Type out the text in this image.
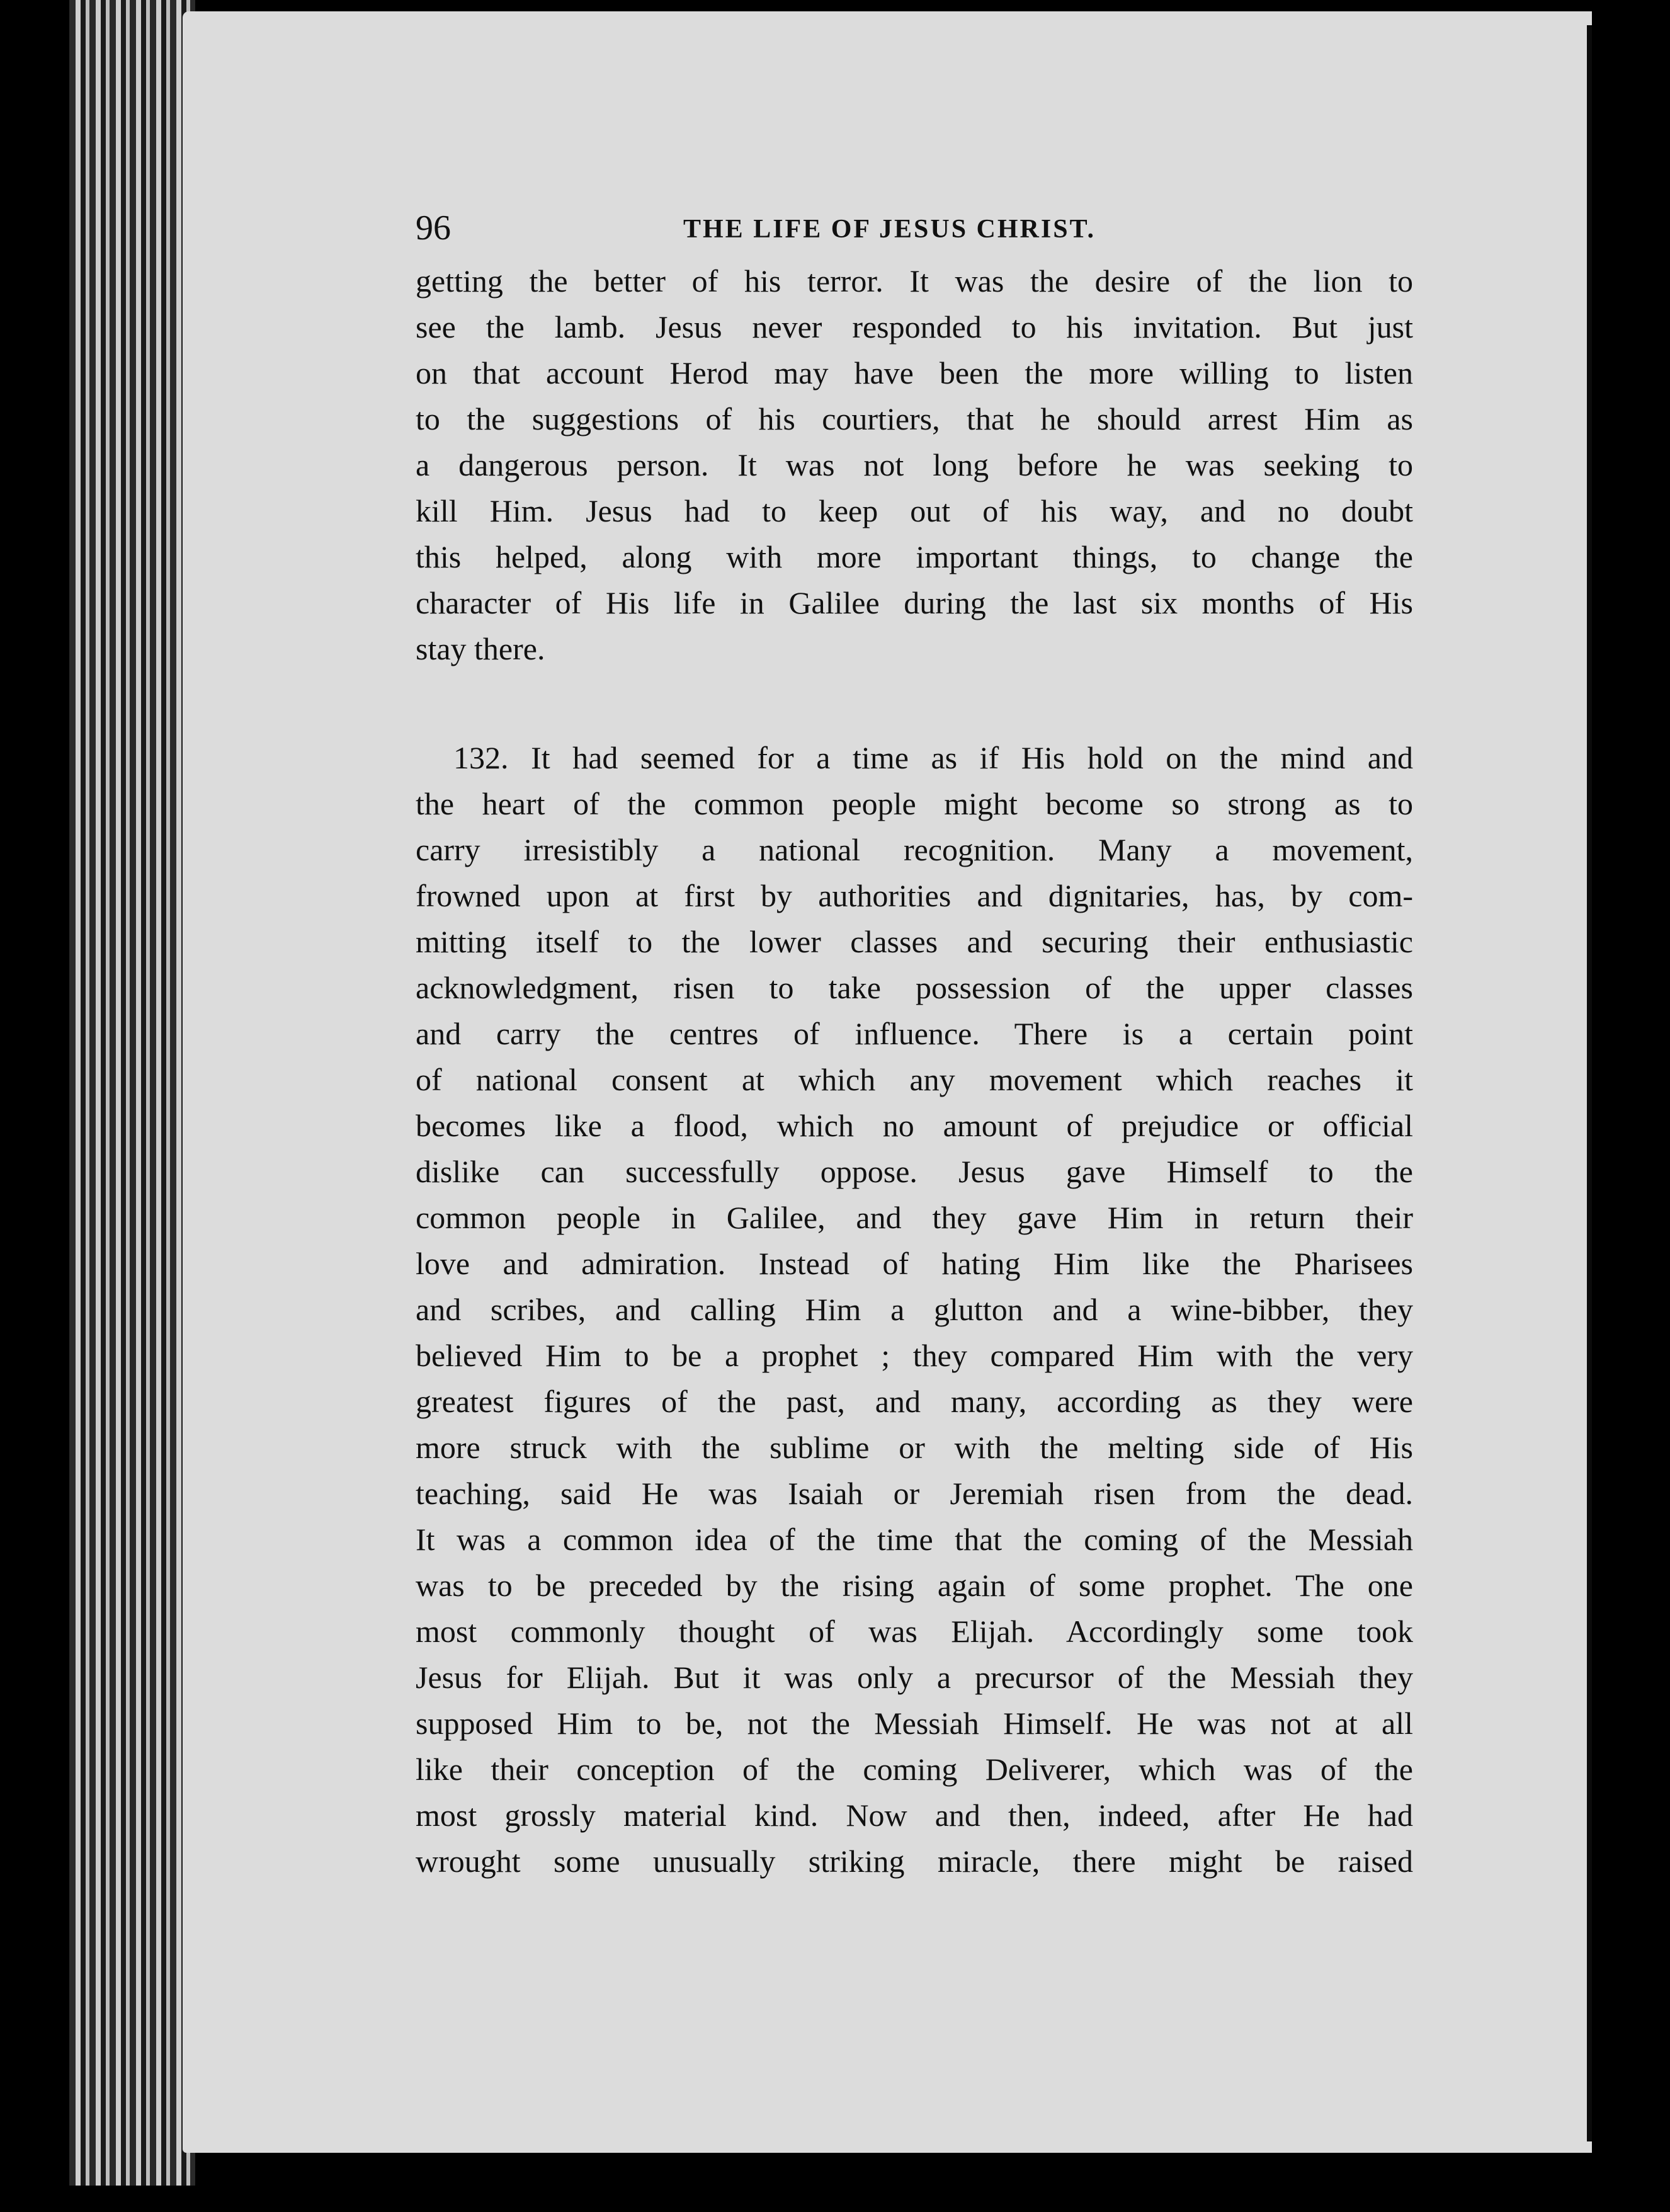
96	THE LIFE OF JESUS CHRIST.
getting the better of his terror. It was the desire of the lion to
see the lamb. Jesus never responded to his invitation. But just
on that account Herod may have been the more willing to listen
to the suggestions of his courtiers, that he should arrest Him as
a dangerous person. It was not long before he was seeking to
kill Him. Jesus had to keep out of his way, and no doubt
this helped, along with more important things, to change the
character of His life in Galilee during the last six months of His
stay there.
132. It had seemed for a time as if His hold on the mind and
the heart of the common people might become so strong as to
carry irresistibly a national recognition. Many a movement,
frowned upon at first by authorities and dignitaries, has, by com-
mitting itself to the lower classes and securing their enthusiastic
acknowledgment, risen to take possession of the upper classes
and carry the centres of influence. There is a certain point
of national consent at which any movement which reaches it
becomes like a flood, which no amount of prejudice or official
dislike can successfully oppose. Jesus gave Himself to the
common people in Galilee, and they gave Him in return their
love and admiration. Instead of hating Him like the Pharisees
and scribes, and calling Him a glutton and a wine-bibber, they
believed Him to be a prophet ; they compared Him with the very
greatest figures of the past, and many, according as they were
more struck with the sublime or with the melting side of His
teaching, said He was Isaiah or Jeremiah risen from the dead.
It was a common idea of the time that the coming of the Messiah
was to be preceded by the rising again of some prophet. The one
most commonly thought of was Elijah. Accordingly some took
Jesus for Elijah. But it was only a precursor of the Messiah they
supposed Him to be, not the Messiah Himself. He was not at all
like their conception of the coming Deliverer, which was of the
most grossly material kind. Now and then, indeed, after He had
wrought some unusually striking miracle, there might be raised
